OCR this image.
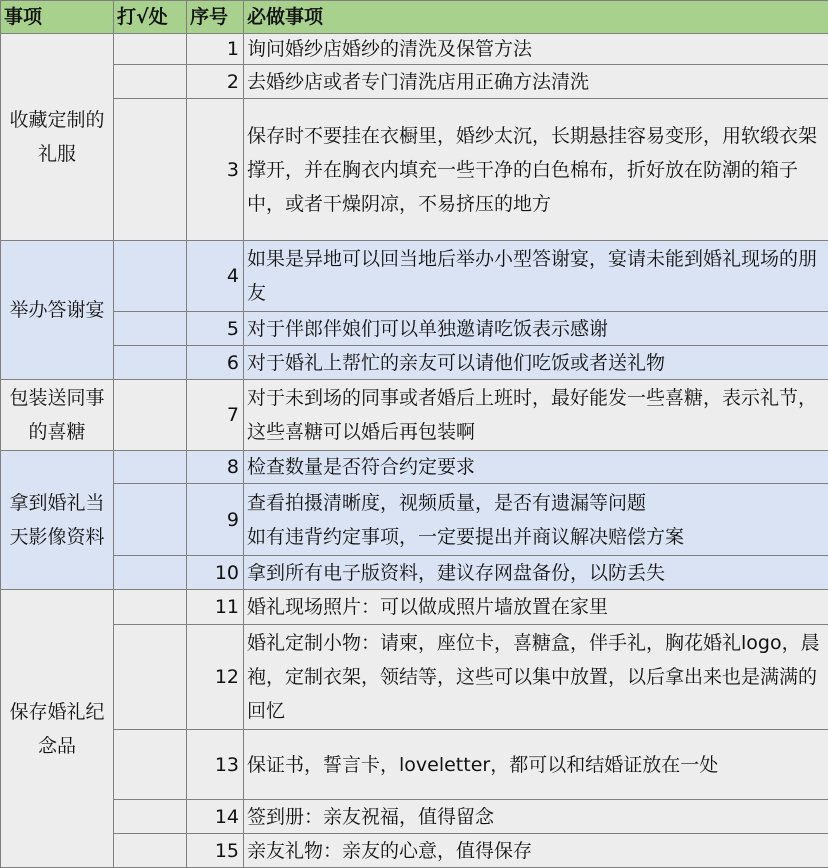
事项	打√处	序号	必做事项
收藏定制的礼服		1	询问婚纱店婚纱的清洗及保管方法
		2	去婚纱店或者专门清洗店用正确方法清洗
		3	保存时不要挂在衣橱里，婚纱太沉，长期悬挂容易变形，用软缎衣架撑开，并在胸衣内填充一些干净的白色棉布，折好放在防潮的箱子中，或者干燥阴凉，不易挤压的地方
举办答谢宴		4	如果是异地可以回当地后举办小型答谢宴，宴请未能到婚礼现场的朋友
		5	对于伴郎伴娘们可以单独邀请吃饭表示感谢
		6	对于婚礼上帮忙的亲友可以请他们吃饭或者送礼物
包装送同事的喜糖		7	对于未到场的同事或者婚后上班时，最好能发一些喜糖，表示礼节，这些喜糖可以婚后再包装啊
拿到婚礼当天影像资料		8	检查数量是否符合约定要求
		9	查看拍摄清晰度，视频质量，是否有遗漏等问题
如有违背约定事项，一定要提出并商议解决赔偿方案

		10	拿到所有电子版资料，建议存网盘备份，以防丢失
保存婚礼纪念品		11	婚礼现场照片：可以做成照片墙放置在家里
		12	婚礼定制小物：请柬，座位卡，喜糖盒，伴手礼，胸花婚礼logo，晨袍，定制衣架，领结等，这些可以集中放置，以后拿出来也是满满的回忆
		13	保证书，誓言卡，loveletter，都可以和结婚证放在一处
		14	签到册：亲友祝福，值得留念
		15	亲友礼物：亲友的心意，值得保存
